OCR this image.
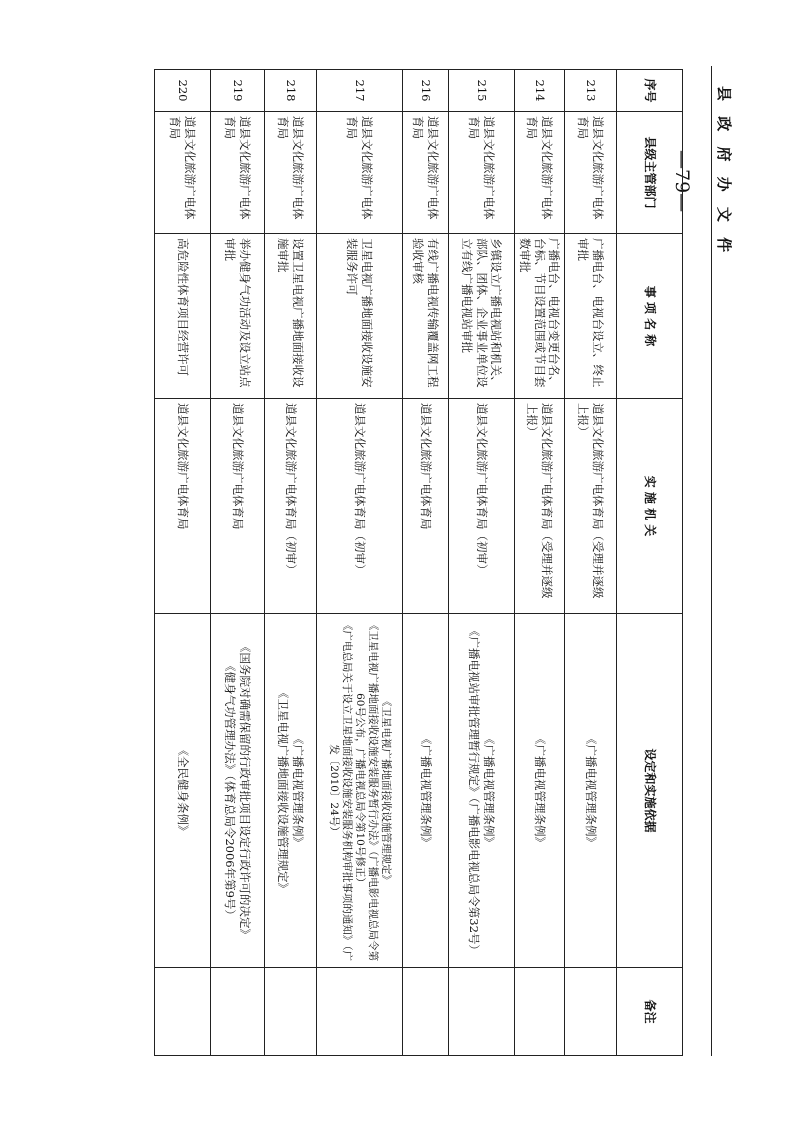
县 政 府 办 文 件
—79—
序号	县级主管部门	事 项 名 称	实 施 机 关	设定和实施依据	备注
213	道县文化旅游广电体育局	广播电台、电视台设立、终止审批	道县文化旅游广电体育局（受理并逐级上报）	《广播电视管理条例》	
214	道县文化旅游广电体育局	广播电台、电视台变更台名、台标、节目设置范围或节目套数审批	道县文化旅游广电体育局（受理并逐级上报）	《广播电视管理条例》	
215	道县文化旅游广电体育局	乡镇设立广播电视站和机关、部队、团体、企业事业单位设立有线广播电视站审批	道县文化旅游广电体育局（初审）	《广播电视管理条例》
《广播电视站审批管理暂行规定》（广播电影电视总局令第32号）	
216	道县文化旅游广电体育局	有线广播电视传输覆盖网工程验收审核	道县文化旅游广电体育局	《广播电视管理条例》	
217	道县文化旅游广电体育局	卫星电视广播地面接收设施安装服务许可	道县文化旅游广电体育局（初审）	《卫星电视广播地面接收设施管理规定》
《卫星电视广播地面接收设施安装服务暂行办法》（广播电影电视总局令第60号公布，广播电视总局令第10号修正）
《广电总局关于设立卫星地面接收设施安装服务机构审批事项的通知》（广发〔2010〕24号）	
218	道县文化旅游广电体育局	设置卫星电视广播地面接收设施审批	道县文化旅游广电体育局（初审）	《广播电视管理条例》
《卫星电视广播地面接收设施管理规定》	
219	道县文化旅游广电体育局	举办健身气功活动及设立站点审批	道县文化旅游广电体育局	《国务院对确需保留的行政审批项目设定行政许可的决定》
《健身气功管理办法》（体育总局令2006年第9号）	
220	道县文化旅游广电体育局	高危险性体育项目经营许可	道县文化旅游广电体育局	《全民健身条例》	
